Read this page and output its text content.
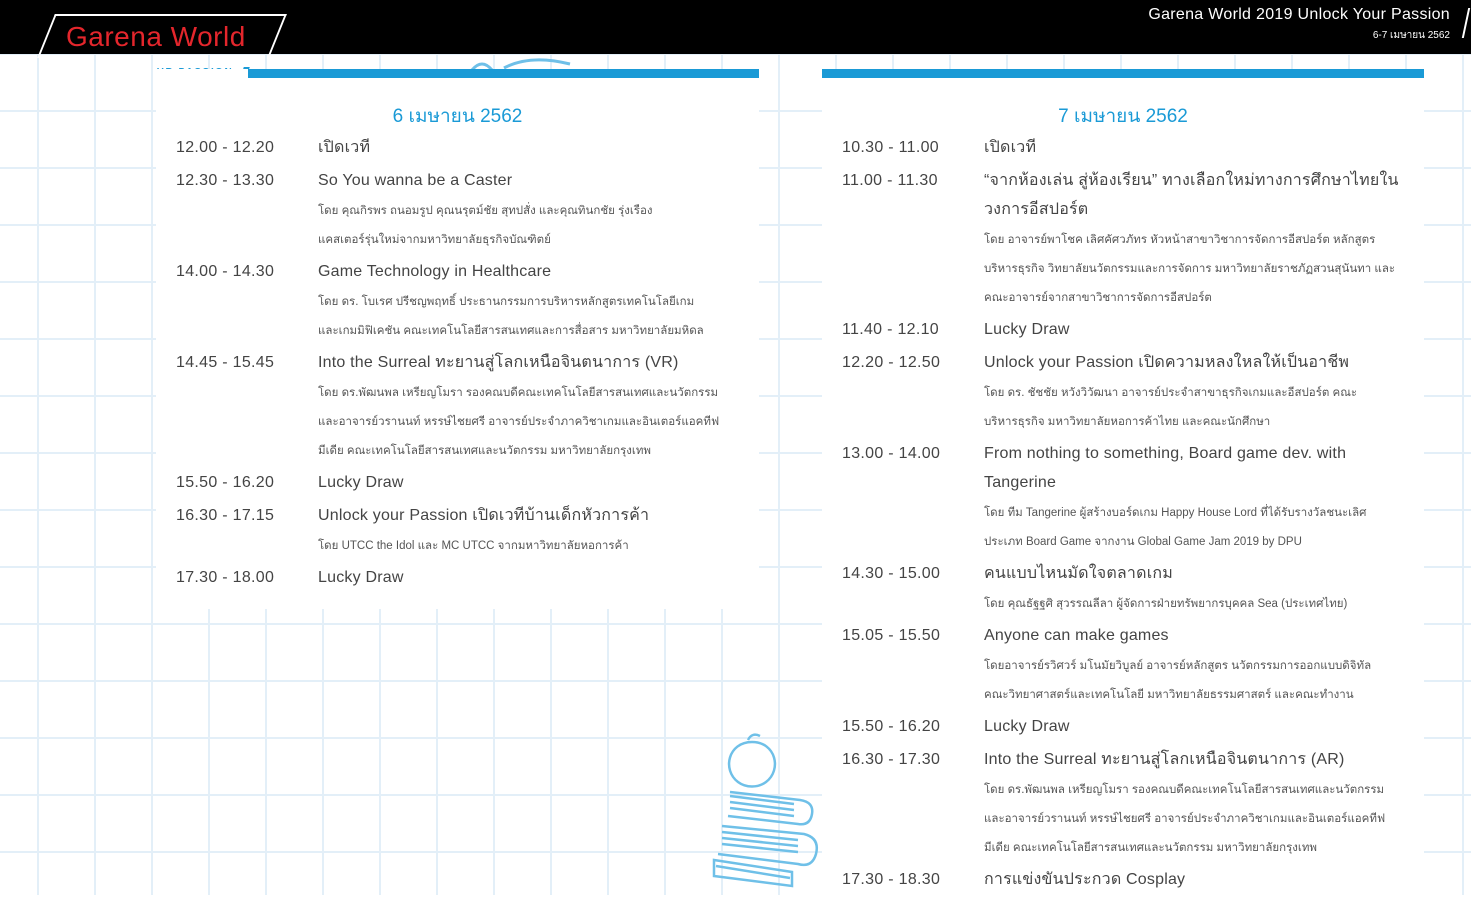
Garena World
Garena World 2019 Unlock Your Passion
6-7 เมษายน 2562
6 เมษายน 2562
12.00 - 12.20	เปิดเวที
12.30 - 13.30	So You wanna be a Caster
โดย คุณกิรพร ถนอมรูป คุณนรุตม์ชัย สุทปสั่ง และคุณทินกชัย รุ่งเรือง
แคสเตอร์รุ่นใหม่จากมหาวิทยาลัยธุรกิจบัณฑิตย์
14.00 - 14.30	Game Technology in Healthcare
โดย ดร. โบเรศ ปรีชญพฤทธิ์ ประธานกรรมการบริหารหลักสูตรเทคโนโลยีเกม
และเกมมิฟิเคชัน คณะเทคโนโลยีสารสนเทศและการสื่อสาร มหาวิทยาลัยมหิดล
14.45 - 15.45	Into the Surreal ทะยานสู่โลกเหนือจินตนาการ (VR)
โดย ดร.พัฒนพล เหรียญโมรา รองคณบดีคณะเทคโนโลยีสารสนเทศและนวัตกรรม
และอาจารย์วรานนท์ หรรษ์ไชยศรี อาจารย์ประจำภาควิชาเกมและอินเตอร์แอคทีฟ
มีเดีย คณะเทคโนโลยีสารสนเทศและนวัตกรรม มหาวิทยาลัยกรุงเทพ
15.50 - 16.20	Lucky Draw
16.30 - 17.15	Unlock your Passion เปิดเวทีบ้านเด็กหัวการค้า
โดย UTCC the Idol และ MC UTCC จากมหาวิทยาลัยหอการค้า
17.30 - 18.00	Lucky Draw
7 เมษายน 2562
10.30 - 11.00	เปิดเวที
11.00 - 11.30	“จากห้องเล่น สู่ห้องเรียน” ทางเลือกใหม่ทางการศึกษาไทยใน วงการอีสปอร์ต
โดย อาจารย์พาโชค เลิศคัศวภัทร หัวหน้าสาขาวิชาการจัดการอีสปอร์ต หลักสูตร
บริหารธุรกิจ วิทยาลัยนวัตกรรมและการจัดการ มหาวิทยาลัยราชภัฏสวนสุนันทา และ
คณะอาจารย์จากสาขาวิชาการจัดการอีสปอร์ต
11.40 - 12.10	Lucky Draw
12.20 - 12.50	Unlock your Passion เปิดความหลงใหลให้เป็นอาชีพ
โดย ดร. ชัชชัย หวังวิวัฒนา อาจารย์ประจำสาขาธุรกิจเกมและอีสปอร์ต คณะ
บริหารธุรกิจ มหาวิทยาลัยหอการค้าไทย และคณะนักศึกษา
13.00 - 14.00	From nothing to something, Board game dev. with Tangerine
โดย ทีม Tangerine ผู้สร้างบอร์ดเกม Happy House Lord ที่ได้รับรางวัลชนะเลิศ
ประเภท Board Game จากงาน Global Game Jam 2019 by DPU
14.30 - 15.00	คนแบบไหนมัดใจตลาดเกม
โดย คุณธัฐฐศิ สุวรรณลีลา ผู้จัดการฝ่ายทรัพยากรบุคคล Sea (ประเทศไทย)
15.05 - 15.50	Anyone can make games
โดยอาจารย์รวิศวร์ มโนมัยวิบูลย์ อาจารย์หลักสูตร นวัตกรรมการออกแบบดิจิทัล
คณะวิทยาศาสตร์และเทคโนโลยี มหาวิทยาลัยธรรมศาสตร์ และคณะทำงาน
15.50 - 16.20	Lucky Draw
16.30 - 17.30	Into the Surreal ทะยานสู่โลกเหนือจินตนาการ (AR)
โดย ดร.พัฒนพล เหรียญโมรา รองคณบดีคณะเทคโนโลยีสารสนเทศและนวัตกรรม
และอาจารย์วรานนท์ หรรษ์ไชยศรี อาจารย์ประจำภาควิชาเกมและอินเตอร์แอคทีฟ
มีเดีย คณะเทคโนโลยีสารสนเทศและนวัตกรรม มหาวิทยาลัยกรุงเทพ
17.30 - 18.30	การแข่งขันประกวด Cosplay
